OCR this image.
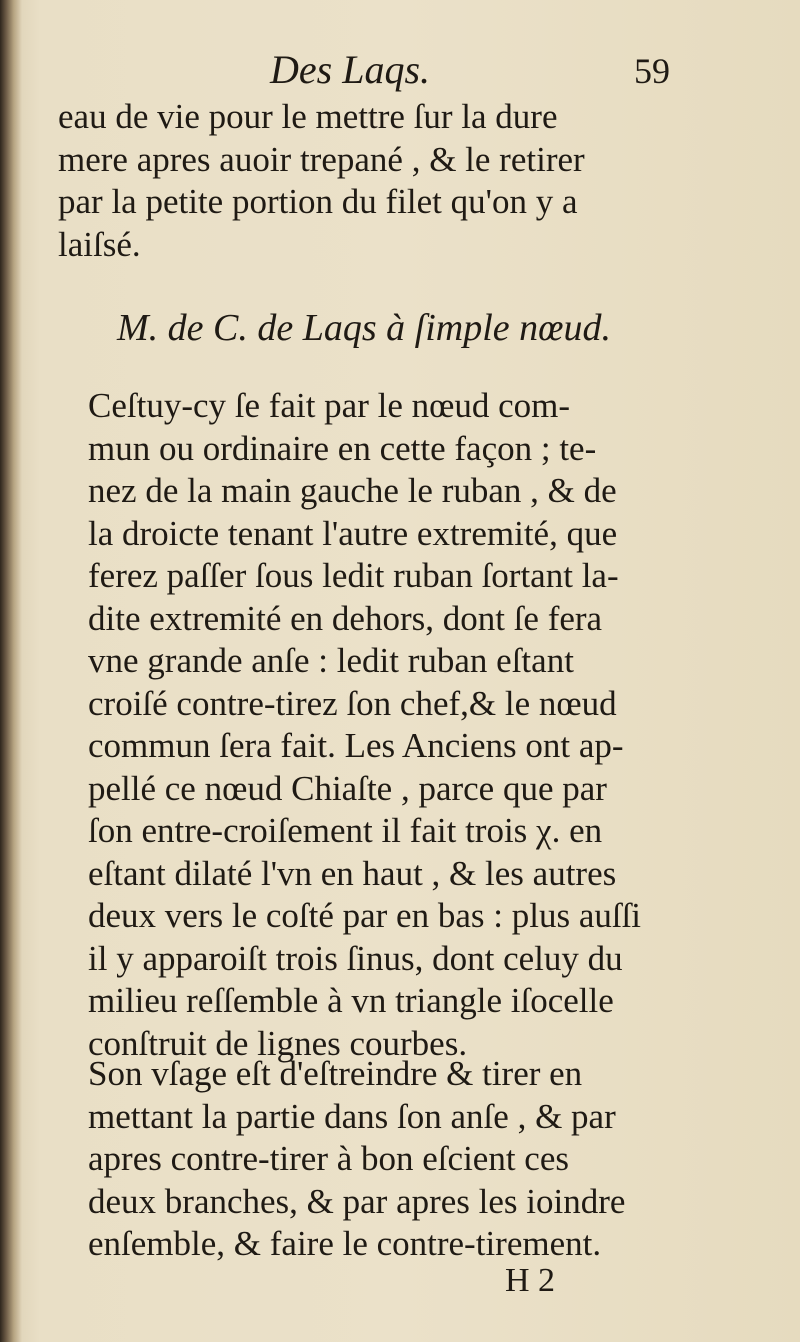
Des Laqs.	59
eau de vie pour le mettre ſur la dure
mere apres auoir trepané , & le retirer
par la petite portion du filet qu'on y a
laiſsé.
M. de C. de Laqs à ſimple nœud.
Ceſtuy-cy ſe fait par le nœud com-
mun ou ordinaire en cette façon ; te-
nez de la main gauche le ruban , & de
la droicte tenant l'autre extremité, que
ferez paſſer ſous ledit ruban ſortant la-
dite extremité en dehors, dont ſe fera
vne grande anſe : ledit ruban eſtant
croiſé contre-tirez ſon chef,& le nœud
commun ſera fait. Les Anciens ont ap-
pellé ce nœud Chiaſte , parce que par
ſon entre-croiſement il fait trois χ. en
eſtant dilaté l'vn en haut , & les autres
deux vers le coſté par en bas : plus auſſi
il y apparoiſt trois ſinus, dont celuy du
milieu reſſemble à vn triangle iſocelle
conſtruit de lignes courbes.
Son vſage eſt d'eſtreindre & tirer en
mettant la partie dans ſon anſe , & par
apres contre-tirer à bon eſcient ces
deux branches, & par apres les ioindre
enſemble, & faire le contre-tirement.
H 2
